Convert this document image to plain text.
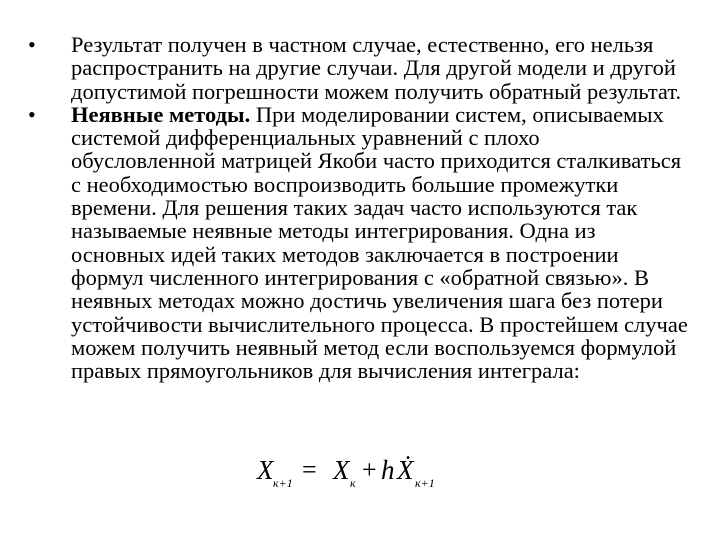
• Результат получен в частном случае, естественно, его нельзя распространить на другие случаи. Для другой модели и другой допустимой погрешности можем получить обратный результат.
• Неявные методы. При моделировании систем, описываемых системой дифференциальных уравнений с плохо обусловленной матрицей Якоби часто приходится сталкиваться с необходимостью воспроизводить большие промежутки времени. Для решения таких задач часто используются так называемые неявные методы интегрирования. Одна из основных идей таких методов заключается в построении формул численного интегрирования с «обратной связью». В неявных методах можно достичь увеличения шага без потери устойчивости вычислительного процесса. В простейшем случае можем получить неявный метод если воспользуемся формулой правых прямоугольников для вычисления интеграла:
X к+1 = X к + h Ẋ к+1
